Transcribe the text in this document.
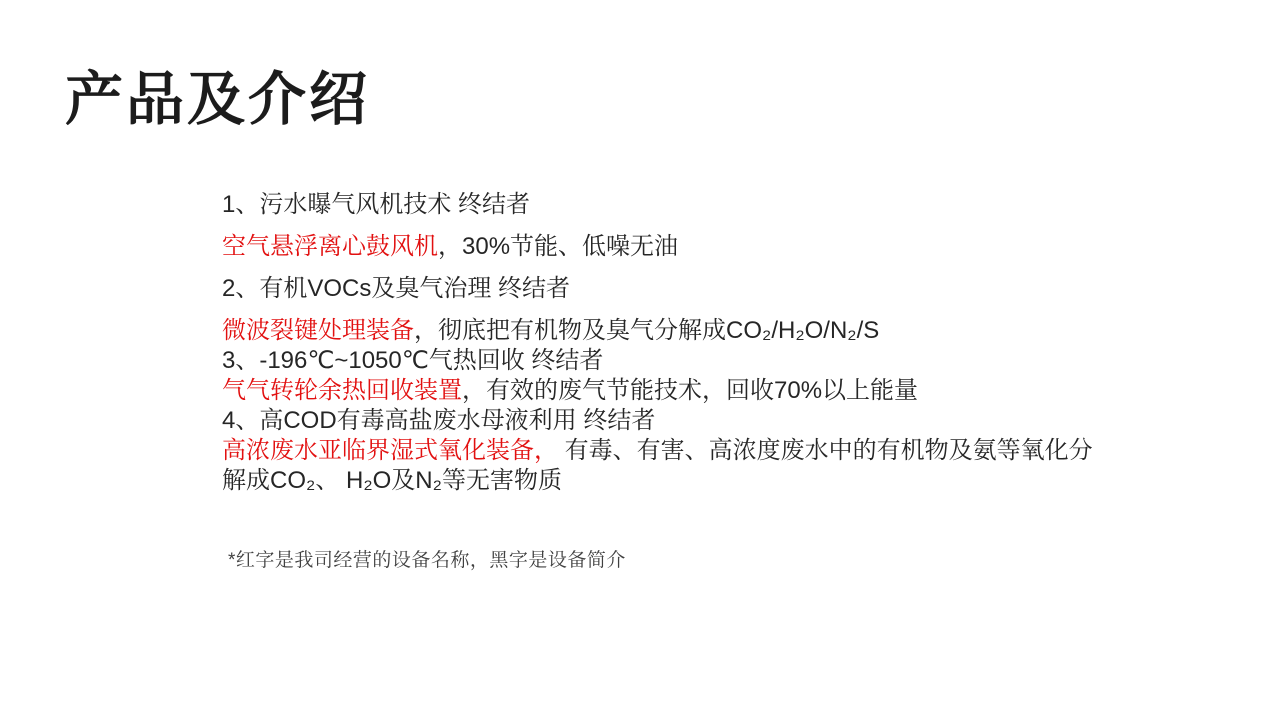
产品及介绍
1、污水曝气风机技术 终结者
空气悬浮离心鼓风机，30%节能、低噪无油
2、有机VOCs及臭气治理 终结者
微波裂键处理装备，彻底把有机物及臭气分解成CO₂/H₂O/N₂/S
3、-196℃~1050℃气热回收 终结者
气气转轮余热回收装置，有效的废气节能技术，回收70%以上能量
4、高COD有毒高盐废水母液利用 终结者
高浓废水亚临界湿式氧化装备， 有毒、有害、高浓度废水中的有机物及氨等氧化分
解成CO₂、 H₂O及N₂等无害物质
*红字是我司经营的设备名称，黑字是设备简介
